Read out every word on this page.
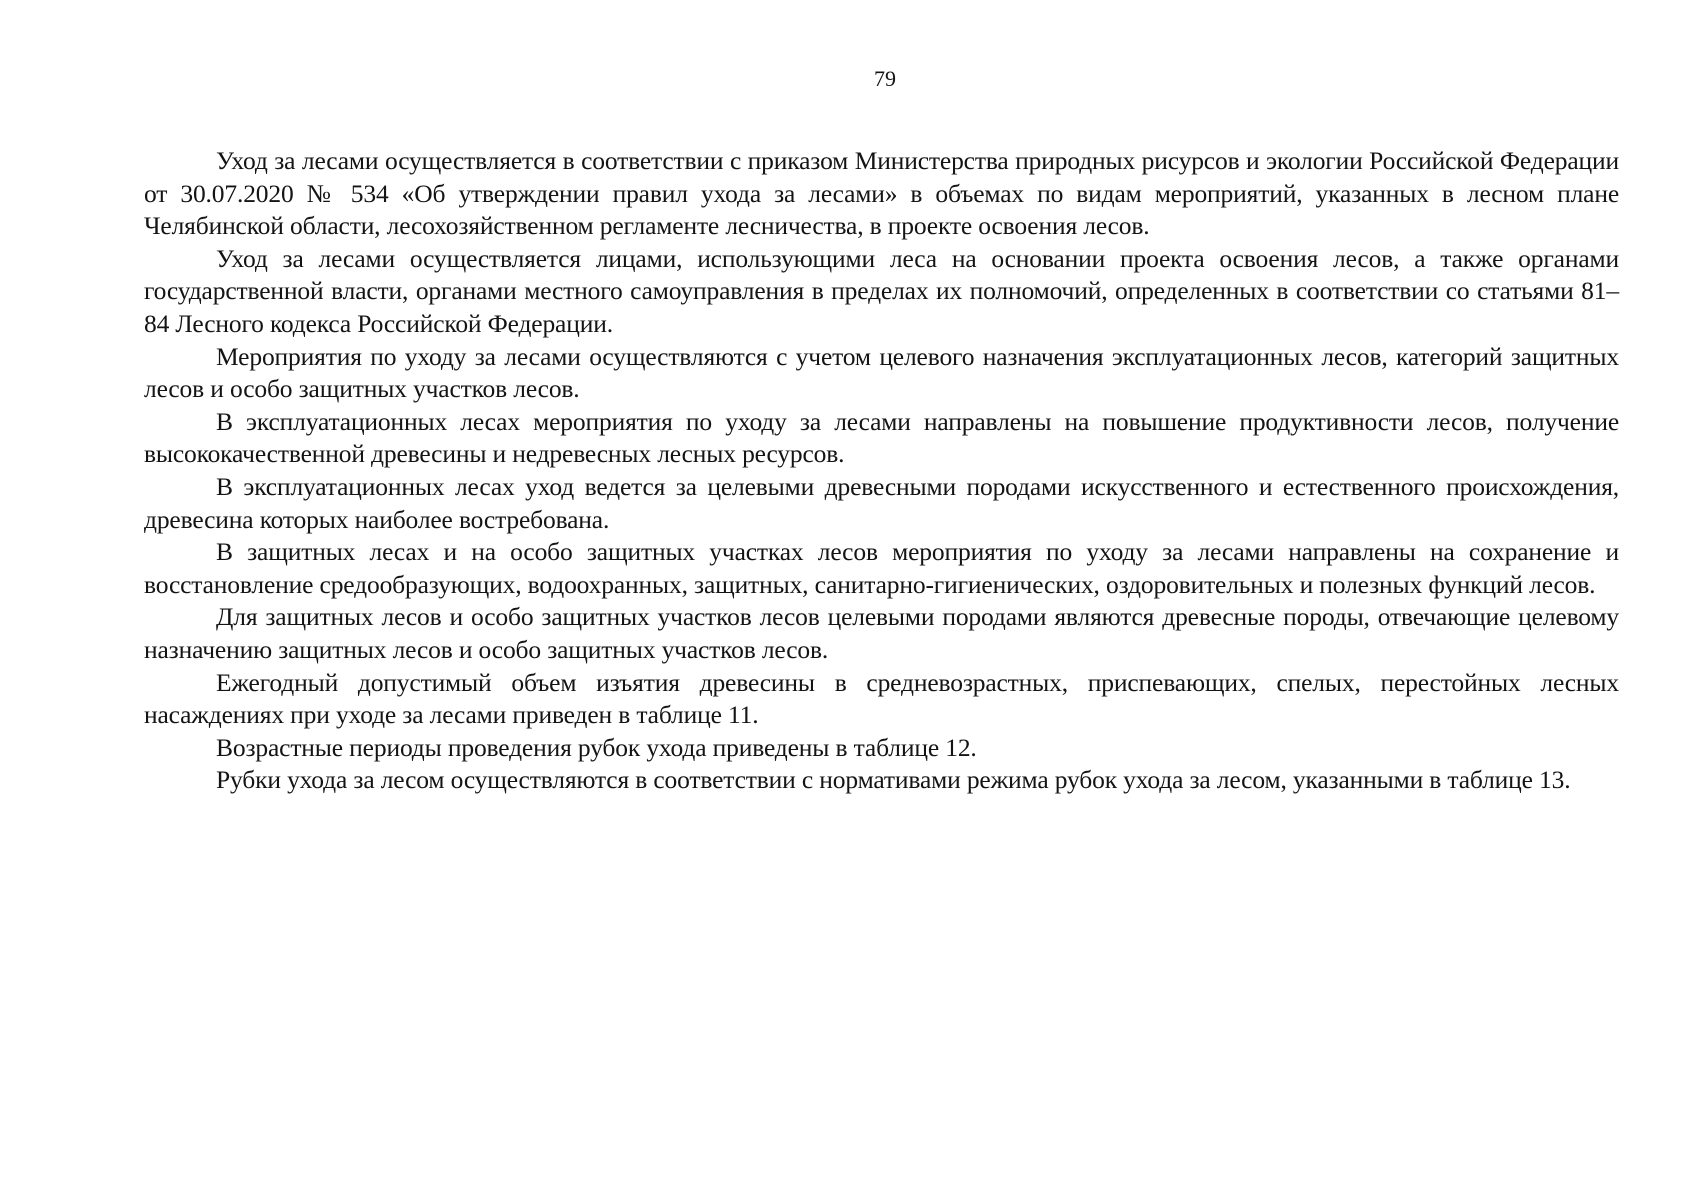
79

Уход за лесами осуществляется в соответствии с приказом Министерства природных рисурсов и экологии Российской Федерации от 30.07.2020 № 534 «Об утверждении правил ухода за лесами» в объемах по видам мероприятий, указанных в лесном плане Челябинской области, лесохозяйственном регламенте лесничества, в проекте освоения лесов.

Уход за лесами осуществляется лицами, использующими леса на основании проекта освоения лесов, а также органами государственной власти, органами местного самоуправления в пределах их полномочий, определенных в соответствии со статьями 81–84 Лесного кодекса Российской Федерации.

Мероприятия по уходу за лесами осуществляются с учетом целевого назначения эксплуатационных лесов, категорий защитных лесов и особо защитных участков лесов.

В эксплуатационных лесах мероприятия по уходу за лесами направлены на повышение продуктивности лесов, получение высококачественной древесины и недревесных лесных ресурсов.

В эксплуатационных лесах уход ведется за целевыми древесными породами искусственного и естественного происхождения, древесина которых наиболее востребована.

В защитных лесах и на особо защитных участках лесов мероприятия по уходу за лесами направлены на сохранение и восстановление средообразующих, водоохранных, защитных, санитарно-гигиенических, оздоровительных и полезных функций лесов.

Для защитных лесов и особо защитных участков лесов целевыми породами являются древесные породы, отвечающие целевому назначению защитных лесов и особо защитных участков лесов.

Ежегодный допустимый объем изъятия древесины в средневозрастных, приспевающих, спелых, перестойных лесных насаждениях при уходе за лесами приведен в таблице 11.

Возрастные периоды проведения рубок ухода приведены в таблице 12.

Рубки ухода за лесом осуществляются в соответствии с нормативами режима рубок ухода за лесом, указанными в таблице 13.
